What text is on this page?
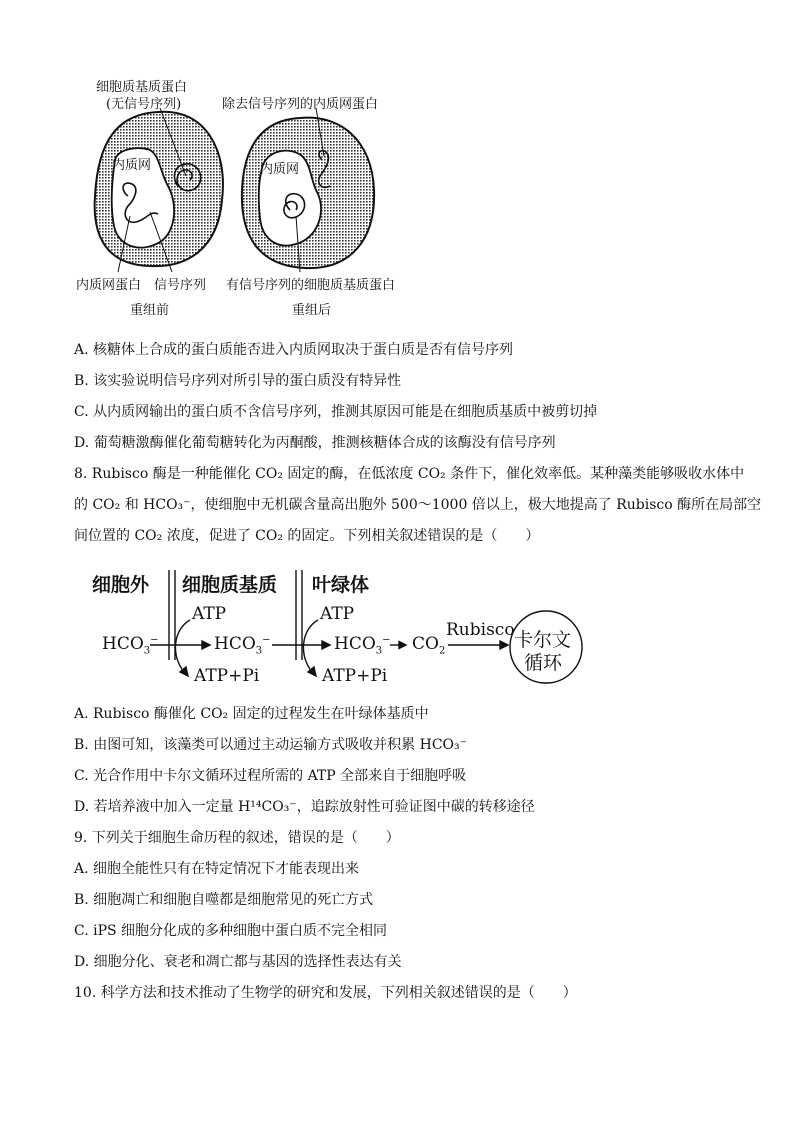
细胞质基质蛋白
(无信号序列)	除去信号序列的内质网蛋白
内质网	内质网
内质网蛋白 信号序列 有信号序列的细胞质基质蛋白
重组前	重组后
A. 核糖体上合成的蛋白质能否进入内质网取决于蛋白质是否有信号序列
B. 该实验说明信号序列对所引导的蛋白质没有特异性
C. 从内质网输出的蛋白质不含信号序列，推测其原因可能是在细胞质基质中被剪切掉
D. 葡萄糖激酶催化葡萄糖转化为丙酮酸，推测核糖体合成的该酶没有信号序列
8. Rubisco 酶是一种能催化 CO₂ 固定的酶，在低浓度 CO₂ 条件下，催化效率低。某种藻类能够吸收水体中
的 CO₂ 和 HCO₃⁻，使细胞中无机碳含量高出胞外 500～1000 倍以上，极大地提高了 Rubisco 酶所在局部空
间位置的 CO₂ 浓度，促进了 CO₂ 的固定。下列相关叙述错误的是（　　）
细胞外 细胞质基质 叶绿体
ATP	ATP
$HCO_3^-$	$HCO_3^-$	$HCO_3^-$ $CO_2$
Rubisco
ATP+Pi	ATP+Pi
卡尔文
循环
A. Rubisco 酶催化 CO₂ 固定的过程发生在叶绿体基质中
B. 由图可知，该藻类可以通过主动运输方式吸收并积累 HCO₃⁻
C. 光合作用中卡尔文循环过程所需的 ATP 全部来自于细胞呼吸
D. 若培养液中加入一定量 H¹⁴CO₃⁻，追踪放射性可验证图中碳的转移途径
9. 下列关于细胞生命历程的叙述，错误的是（　　）
A. 细胞全能性只有在特定情况下才能表现出来
B. 细胞凋亡和细胞自噬都是细胞常见的死亡方式
C. iPS 细胞分化成的多种细胞中蛋白质不完全相同
D. 细胞分化、衰老和凋亡都与基因的选择性表达有关
10. 科学方法和技术推动了生物学的研究和发展，下列相关叙述错误的是（　　）
